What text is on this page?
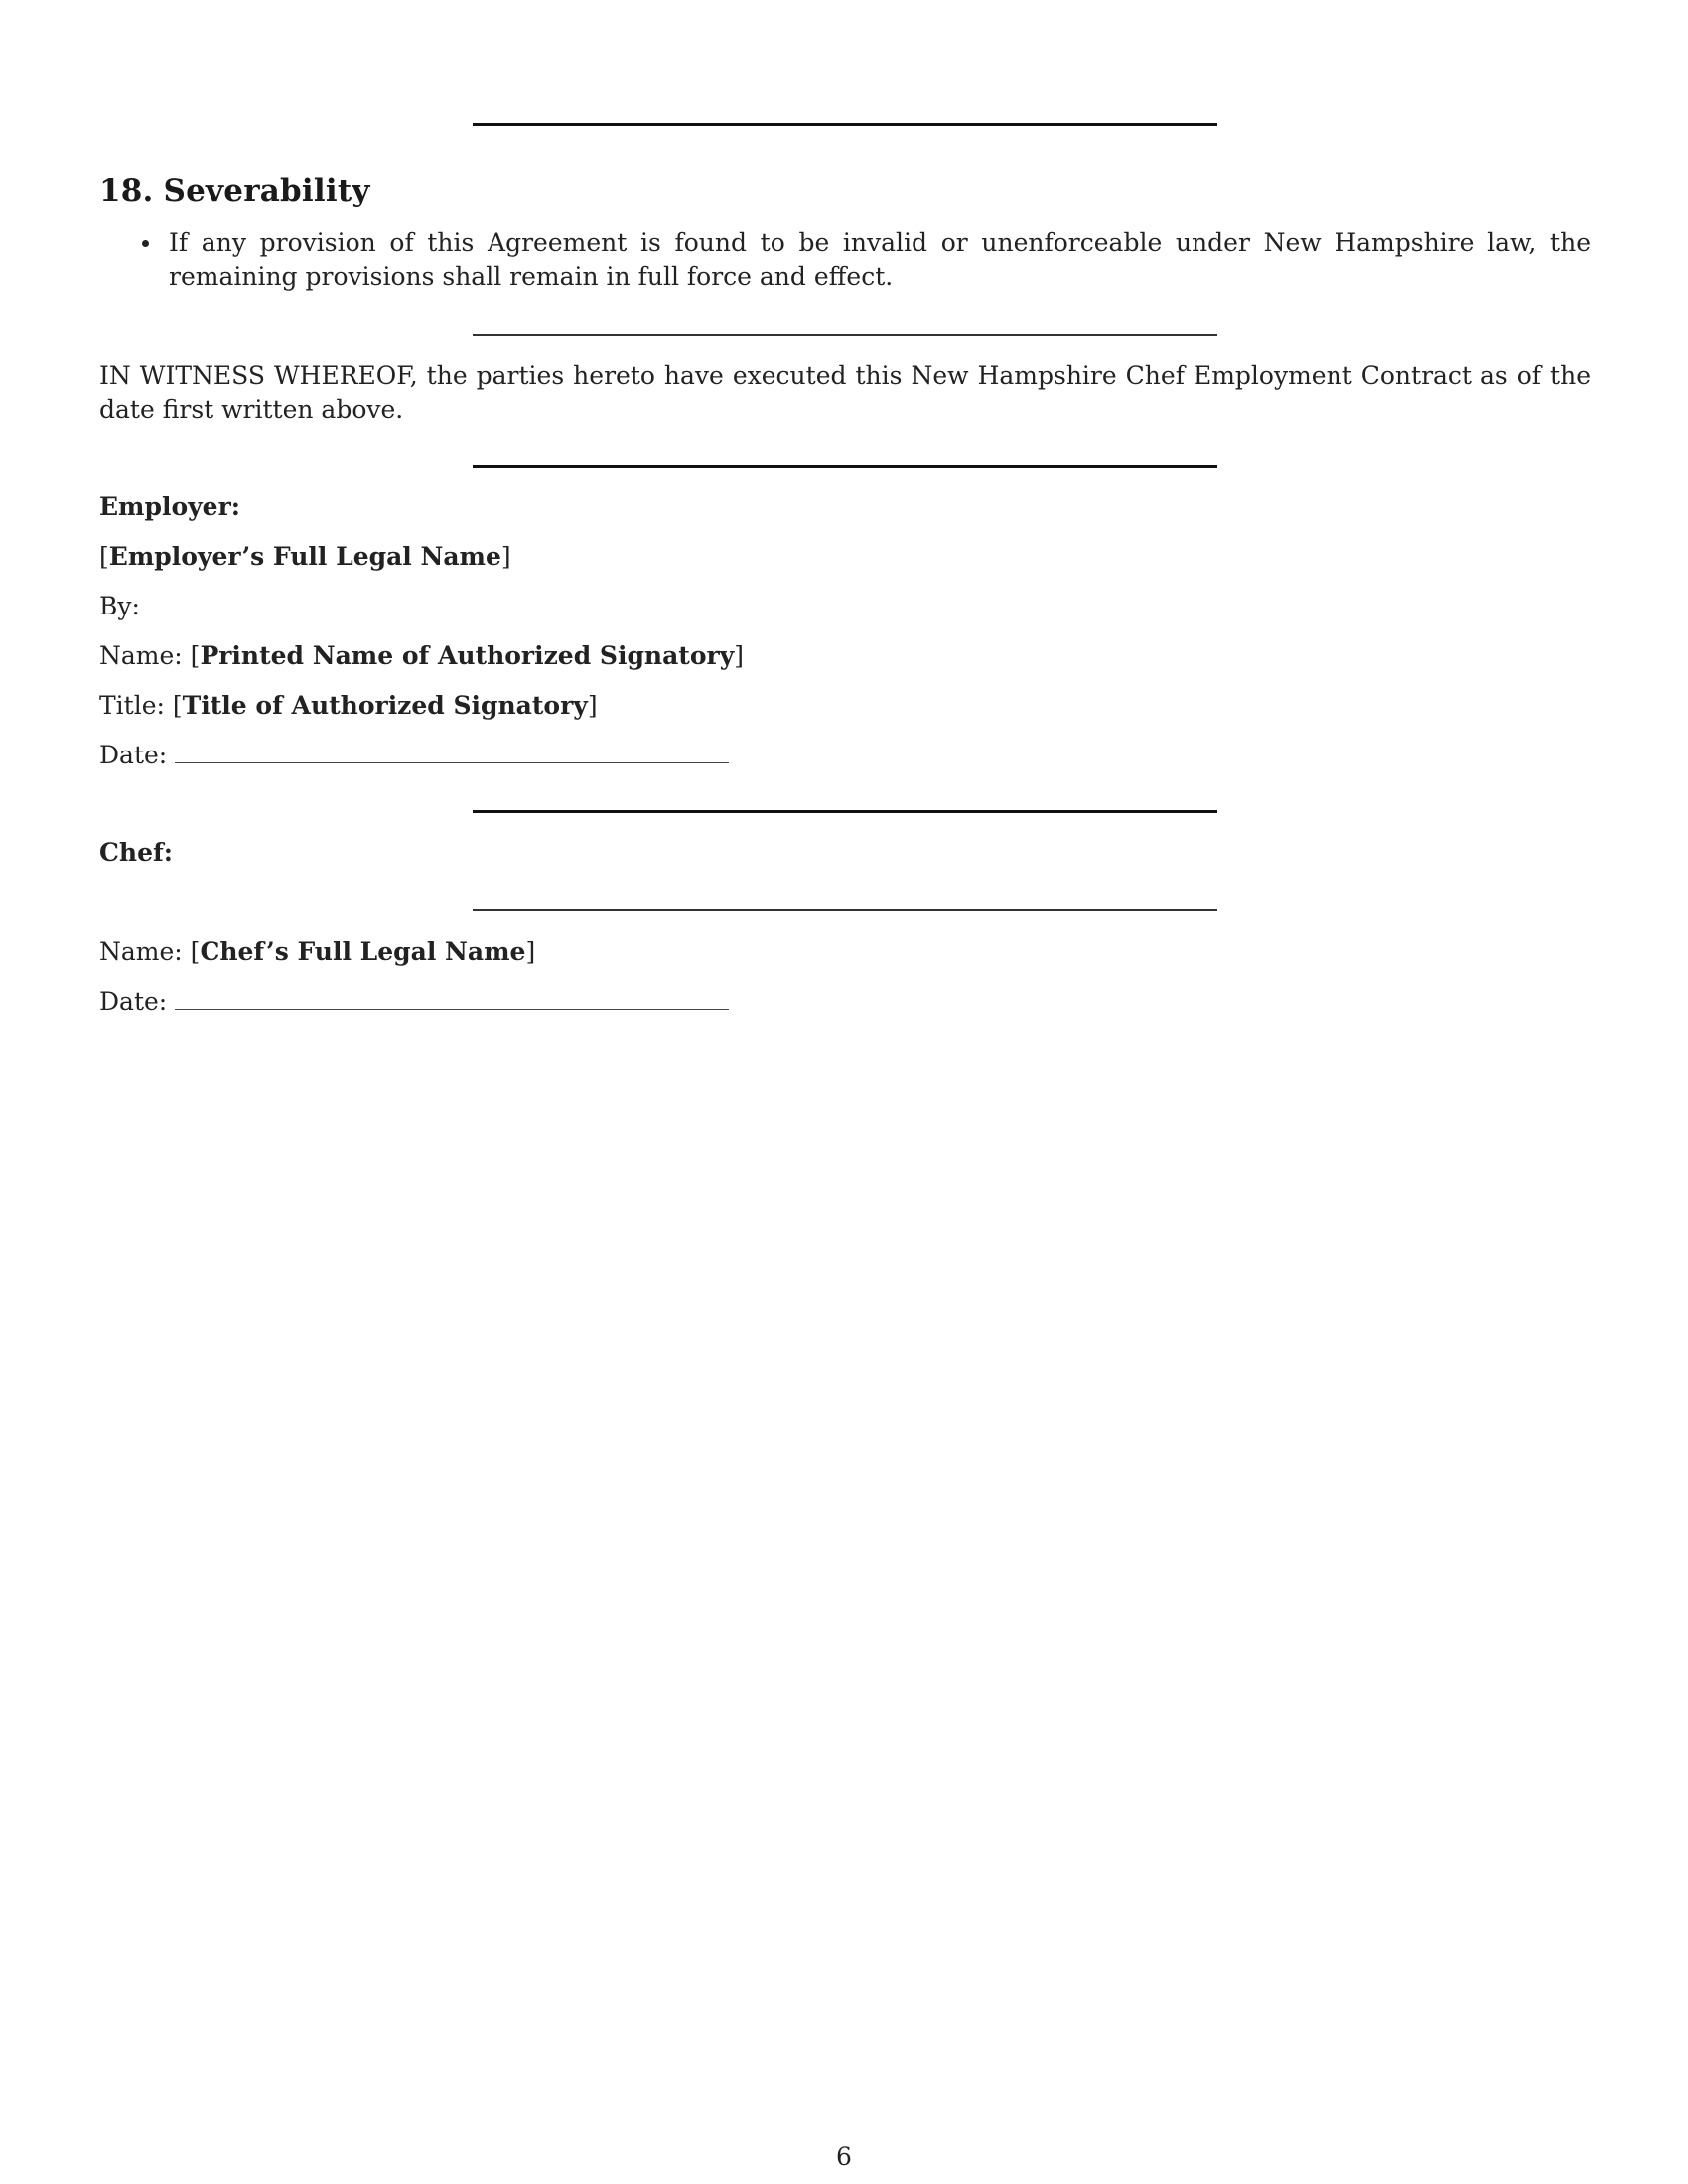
18. Severability
If any provision of this Agreement is found to be invalid or unenforceable under New Hampshire law, the remaining provisions shall remain in full force and effect.

IN WITNESS WHEREOF, the parties hereto have executed this New Hampshire Chef Employment Contract as of the date first written above.

Employer:

[Employer’s Full Legal Name]

By:

Name: [Printed Name of Authorized Signatory]

Title: [Title of Authorized Signatory]

Date:

Chef:

Name: [Chef’s Full Legal Name]

Date:

6
